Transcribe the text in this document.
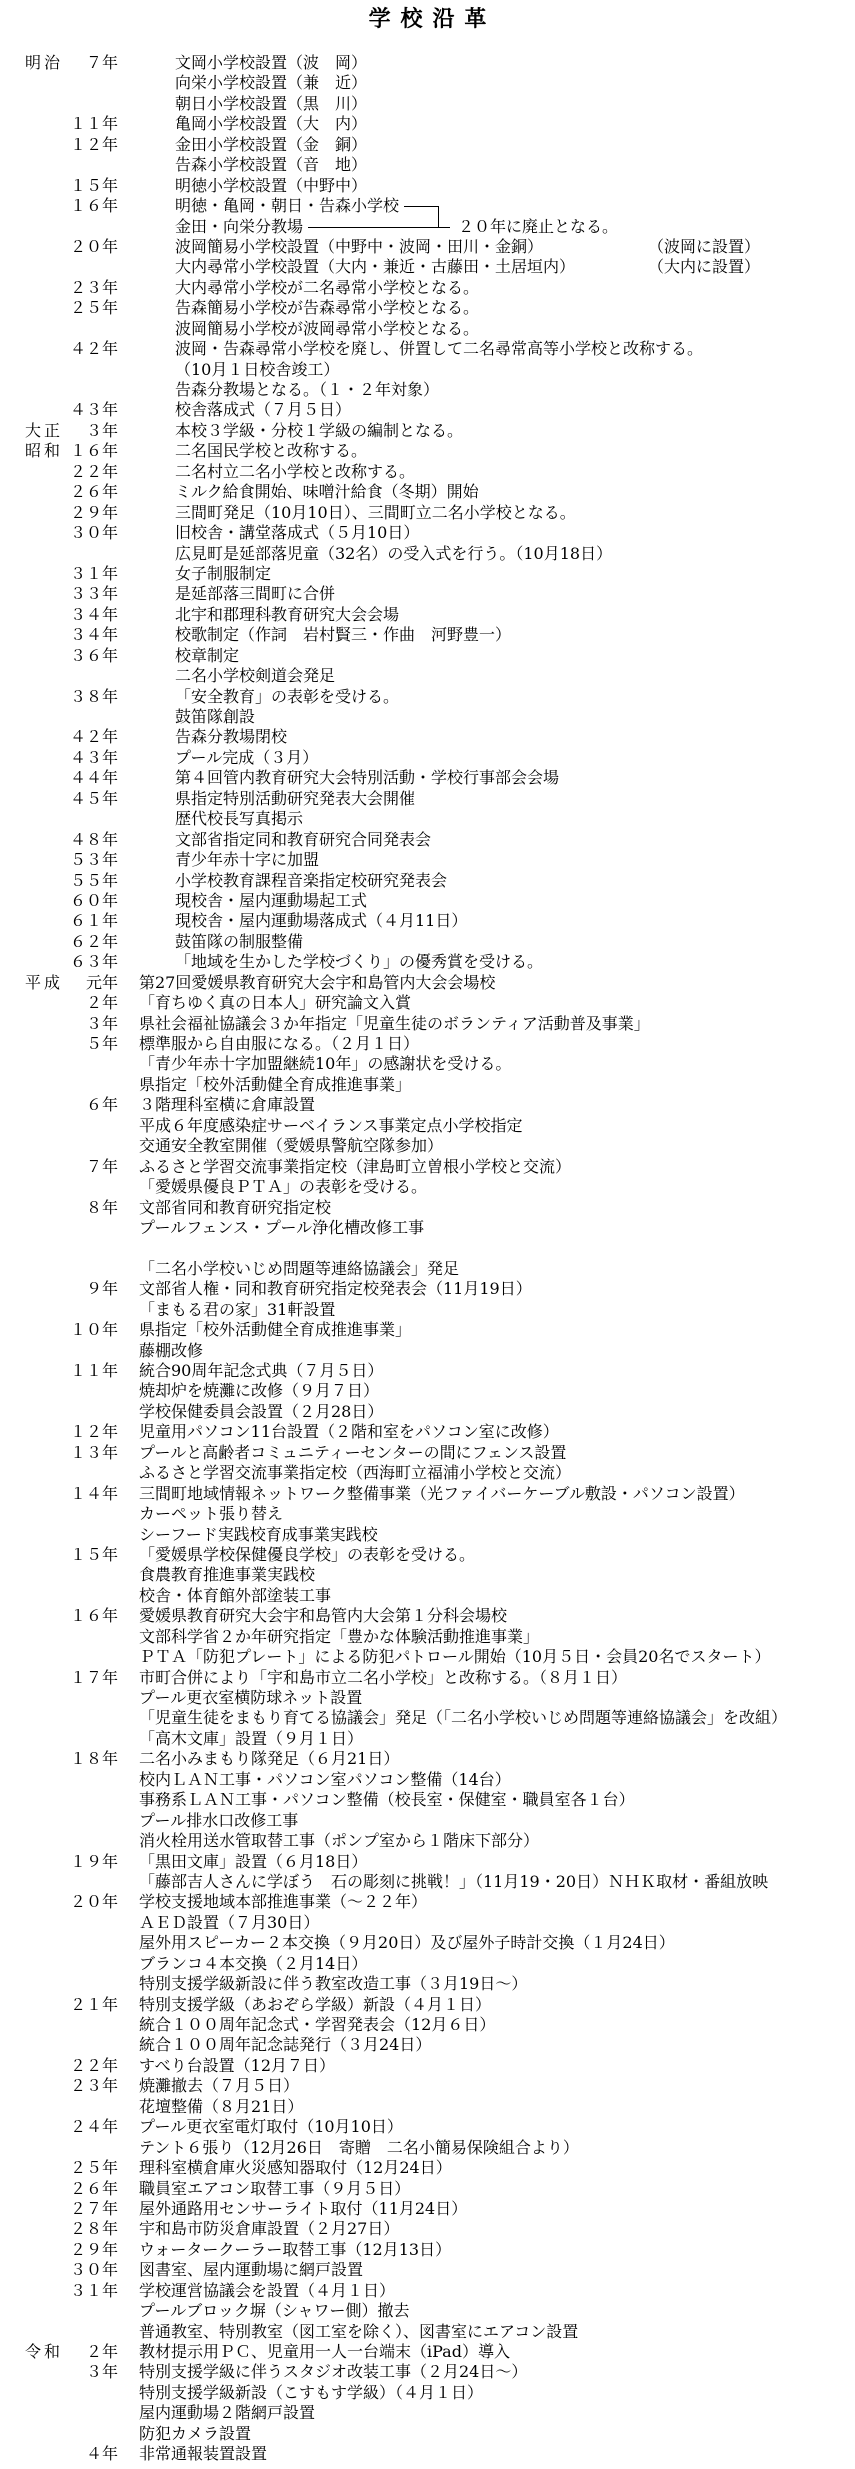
学校沿革
明治	７年	文岡小学校設置（波　岡）
向栄小学校設置（兼　近）
朝日小学校設置（黒　川）
１１年	亀岡小学校設置（大　内）
１２年	金田小学校設置（金　銅）
告森小学校設置（音　地）
１５年	明徳小学校設置（中野中）
１６年	明徳・亀岡・朝日・告森小学校
金田・向栄分教場	２０年に廃止となる。
２０年	波岡簡易小学校設置（中野中・波岡・田川・金銅）	（波岡に設置）
大内尋常小学校設置（大内・兼近・古藤田・土居垣内）	（大内に設置）
２３年	大内尋常小学校が二名尋常小学校となる。
２５年	告森簡易小学校が告森尋常小学校となる。
波岡簡易小学校が波岡尋常小学校となる。
４２年	波岡・告森尋常小学校を廃し、併置して二名尋常高等小学校と改称する。
（10月１日校舎竣工）
告森分教場となる。（１・２年対象）
４３年	校舎落成式（７月５日）
大正	３年	本校３学級・分校１学級の編制となる。
昭和 １６年	二名国民学校と改称する。
２２年	二名村立二名小学校と改称する。
２６年	ミルク給食開始、味噌汁給食（冬期）開始
２９年	三間町発足（10月10日）、三間町立二名小学校となる。
３０年	旧校舎・講堂落成式（５月10日）
広見町是延部落児童（32名）の受入式を行う。（10月18日）
３１年	女子制服制定
３３年	是延部落三間町に合併
３４年	北宇和郡理科教育研究大会会場
３４年	校歌制定（作詞　岩村賢三・作曲　河野豊一）
３６年	校章制定
二名小学校剣道会発足
３８年	「安全教育」の表彰を受ける。
鼓笛隊創設
４２年	告森分教場閉校
４３年	プール完成（３月）
４４年	第４回管内教育研究大会特別活動・学校行事部会会場
４５年	県指定特別活動研究発表大会開催
歴代校長写真掲示
４８年	文部省指定同和教育研究合同発表会
５３年	青少年赤十字に加盟
５５年	小学校教育課程音楽指定校研究発表会
６０年	現校舎・屋内運動場起工式
６１年	現校舎・屋内運動場落成式（４月11日）
６２年	鼓笛隊の制服整備
６３年	「地域を生かした学校づくり」の優秀賞を受ける。
平成	元年 第27回愛媛県教育研究大会宇和島管内大会会場校
２年 「育ちゆく真の日本人」研究論文入賞
３年 県社会福祉協議会３か年指定「児童生徒のボランティア活動普及事業」
５年 標準服から自由服になる。（２月１日）
「青少年赤十字加盟継続10年」の感謝状を受ける。
県指定「校外活動健全育成推進事業」
６年 ３階理科室横に倉庫設置
平成６年度感染症サーベイランス事業定点小学校指定
交通安全教室開催（愛媛県警航空隊参加）
７年 ふるさと学習交流事業指定校（津島町立曽根小学校と交流）
「愛媛県優良ＰＴＡ」の表彰を受ける。
８年 文部省同和教育研究指定校
プールフェンス・プール浄化槽改修工事
「二名小学校いじめ問題等連絡協議会」発足
９年 文部省人権・同和教育研究指定校発表会（11月19日）
「まもる君の家」31軒設置
１０年 県指定「校外活動健全育成推進事業」
藤棚改修
１１年 統合90周年記念式典（７月５日）
焼却炉を焼灘に改修（９月７日）
学校保健委員会設置（２月28日）
１２年 児童用パソコン11台設置（２階和室をパソコン室に改修）
１３年 プールと高齢者コミュニティーセンターの間にフェンス設置
ふるさと学習交流事業指定校（西海町立福浦小学校と交流）
１４年 三間町地域情報ネットワーク整備事業（光ファイバーケーブル敷設・パソコン設置）
カーペット張り替え
シーフード実践校育成事業実践校
１５年 「愛媛県学校保健優良学校」の表彰を受ける。
食農教育推進事業実践校
校舎・体育館外部塗装工事
１６年 愛媛県教育研究大会宇和島管内大会第１分科会場校
文部科学省２か年研究指定「豊かな体験活動推進事業」
ＰＴＡ「防犯プレート」による防犯パトロール開始（10月５日・会員20名でスタート）
１７年 市町合併により「宇和島市立二名小学校」と改称する。（８月１日）
プール更衣室横防球ネット設置
「児童生徒をまもり育てる協議会」発足（「二名小学校いじめ問題等連絡協議会」を改組）
「高木文庫」設置（９月１日）
１８年 二名小みまもり隊発足（６月21日）
校内ＬＡＮ工事・パソコン室パソコン整備（14台）
事務系ＬＡＮ工事・パソコン整備（校長室・保健室・職員室各１台）
プール排水口改修工事
消火栓用送水管取替工事（ポンプ室から１階床下部分）
１９年 「黒田文庫」設置（６月18日）
「藤部吉人さんに学ぼう　石の彫刻に挑戦！」（11月19・20日）ＮＨＫ取材・番組放映
２０年 学校支援地域本部推進事業（～２２年）
ＡＥＤ設置（７月30日）
屋外用スピーカー２本交換（９月20日）及び屋外子時計交換（１月24日）
ブランコ４本交換（２月14日）
特別支援学級新設に伴う教室改造工事（３月19日～）
２１年 特別支援学級（あおぞら学級）新設（４月１日）
統合１００周年記念式・学習発表会（12月６日）
統合１００周年記念誌発行（３月24日）
２２年 すべり台設置（12月７日）
２３年 焼灘撤去（７月５日）
花壇整備（８月21日）
２４年 プール更衣室電灯取付（10月10日）
テント６張り（12月26日　寄贈　二名小簡易保険組合より）
２５年 理科室横倉庫火災感知器取付（12月24日）
２６年 職員室エアコン取替工事（９月５日）
２７年 屋外通路用センサーライト取付（11月24日）
２８年 宇和島市防災倉庫設置（２月27日）
２９年 ウォータークーラー取替工事（12月13日）
３０年 図書室、屋内運動場に網戸設置
３１年 学校運営協議会を設置（４月１日）
プールブロック塀（シャワー側）撤去
普通教室、特別教室（図工室を除く）、図書室にエアコン設置
令和	２年 教材提示用ＰＣ、児童用一人一台端末（iPad）導入
３年 特別支援学級に伴うスタジオ改装工事（２月24日～）
特別支援学級新設（こすもす学級）（４月１日）
屋内運動場２階網戸設置
防犯カメラ設置
４年 非常通報装置設置
